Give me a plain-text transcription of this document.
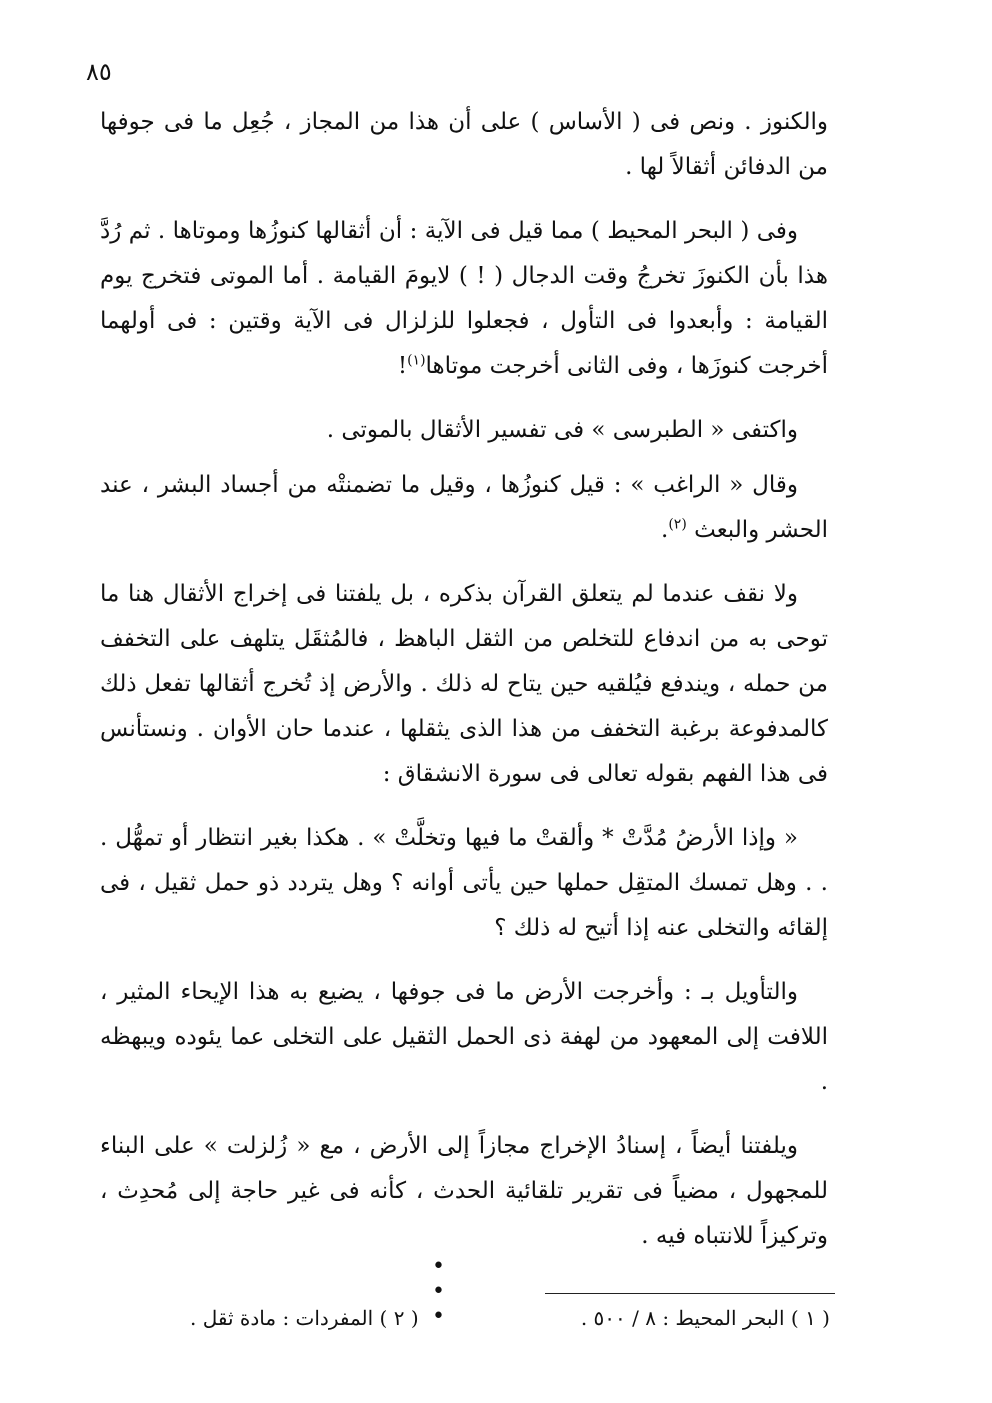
٨٥

والكنوز . ونص فى ( الأساس ) على أن هذا من المجاز ، جُعِل ما فى جوفها من الدفائن أثقالاً لها .

وفى ( البحر المحيط ) مما قيل فى الآية : أن أثقالها كنوزُها وموتاها . ثم رُدَّ هذا بأن الكنوزَ تخرجُ وقت الدجال ( ! ) لايومَ القيامة . أما الموتى فتخرج يوم القيامة : وأبعدوا فى التأول ، فجعلوا للزلزال فى الآية وقتين : فى أولهما أخرجت كنوزَها ، وفى الثانى أخرجت موتاها$^{(١)}$!

واكتفى « الطبرسى » فى تفسير الأثقال بالموتى .

وقال « الراغب » : قيل كنوزُها ، وقيل ما تضمنتْه من أجساد البشر ، عند الحشر والبعث $^{(٢)}$.

ولا نقف عندما لم يتعلق القرآن بذكره ، بل يلفتنا فى إخراج الأثقال هنا ما توحى به من اندفاع للتخلص من الثقل الباهظ ، فالمُثقَل يتلهف على التخفف من حمله ، ويندفع فيُلقيه حين يتاح له ذلك . والأرض إذ تُخرج أثقالها تفعل ذلك كالمدفوعة برغبة التخفف من هذا الذى يثقلها ، عندما حان الأوان . ونستأنس فى هذا الفهم بقوله تعالى فى سورة الانشقاق :

« وإذا الأرضُ مُدَّتْ * وألقتْ ما فيها وتخلَّتْ » . هكذا بغير انتظار أو تمهُّل . . . وهل تمسك المتقِل حملها حين يأتى أوانه ؟ وهل يتردد ذو حمل ثقيل ، فى إلقائه والتخلى عنه إذا أتيح له ذلك ؟

والتأويل بـ : وأخرجت الأرض ما فى جوفها ، يضيع به هذا الإيحاء المثير ، اللافت إلى المعهود من لهفة ذى الحمل الثقيل على التخلى عما يئوده ويبهظه .

ويلفتنا أيضاً ، إسنادُ الإخراج مجازاً إلى الأرض ، مع « زُلزلت » على البناء للمجهول ، مضياً فى تقرير تلقائية الحدث ، كأنه فى غير حاجة إلى مُحدِث ، وتركيزاً للانتباه فيه .

• • •	( ١ ) البحر المحيط : ٨ / ٥٠٠ .
( ٢ ) المفردات : مادة ثقل .
